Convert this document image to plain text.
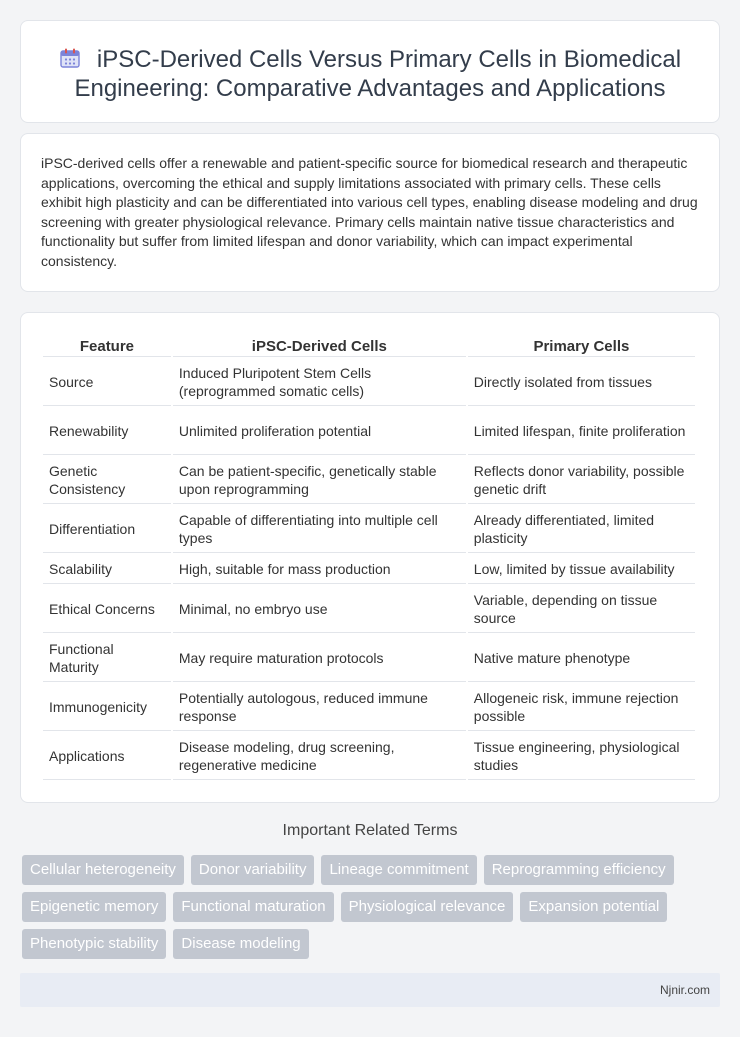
iPSC-Derived Cells Versus Primary Cells in Biomedical Engineering: Comparative Advantages and Applications

iPSC-derived cells offer a renewable and patient-specific source for biomedical research and therapeutic applications, overcoming the ethical and supply limitations associated with primary cells. These cells exhibit high plasticity and can be differentiated into various cell types, enabling disease modeling and drug screening with greater physiological relevance. Primary cells maintain native tissue characteristics and functionality but suffer from limited lifespan and donor variability, which can impact experimental consistency.

Feature	iPSC-Derived Cells	Primary Cells
Source	Induced Pluripotent Stem Cells (reprogrammed somatic cells)	Directly isolated from tissues
Renewability	Unlimited proliferation potential	Limited lifespan, finite proliferation
Genetic Consistency	Can be patient-specific, genetically stable upon reprogramming	Reflects donor variability, possible genetic drift
Differentiation	Capable of differentiating into multiple cell types	Already differentiated, limited plasticity
Scalability	High, suitable for mass production	Low, limited by tissue availability
Ethical Concerns	Minimal, no embryo use	Variable, depending on tissue source
Functional Maturity	May require maturation protocols	Native mature phenotype
Immunogenicity	Potentially autologous, reduced immune response	Allogeneic risk, immune rejection possible
Applications	Disease modeling, drug screening, regenerative medicine	Tissue engineering, physiological studies
Important Related Terms
Cellular heterogeneity	Donor variability	Lineage commitment	Reprogramming efficiency
Epigenetic memory	Functional maturation	Physiological relevance	Expansion potential
Phenotypic stability	Disease modeling
Njnir.com
